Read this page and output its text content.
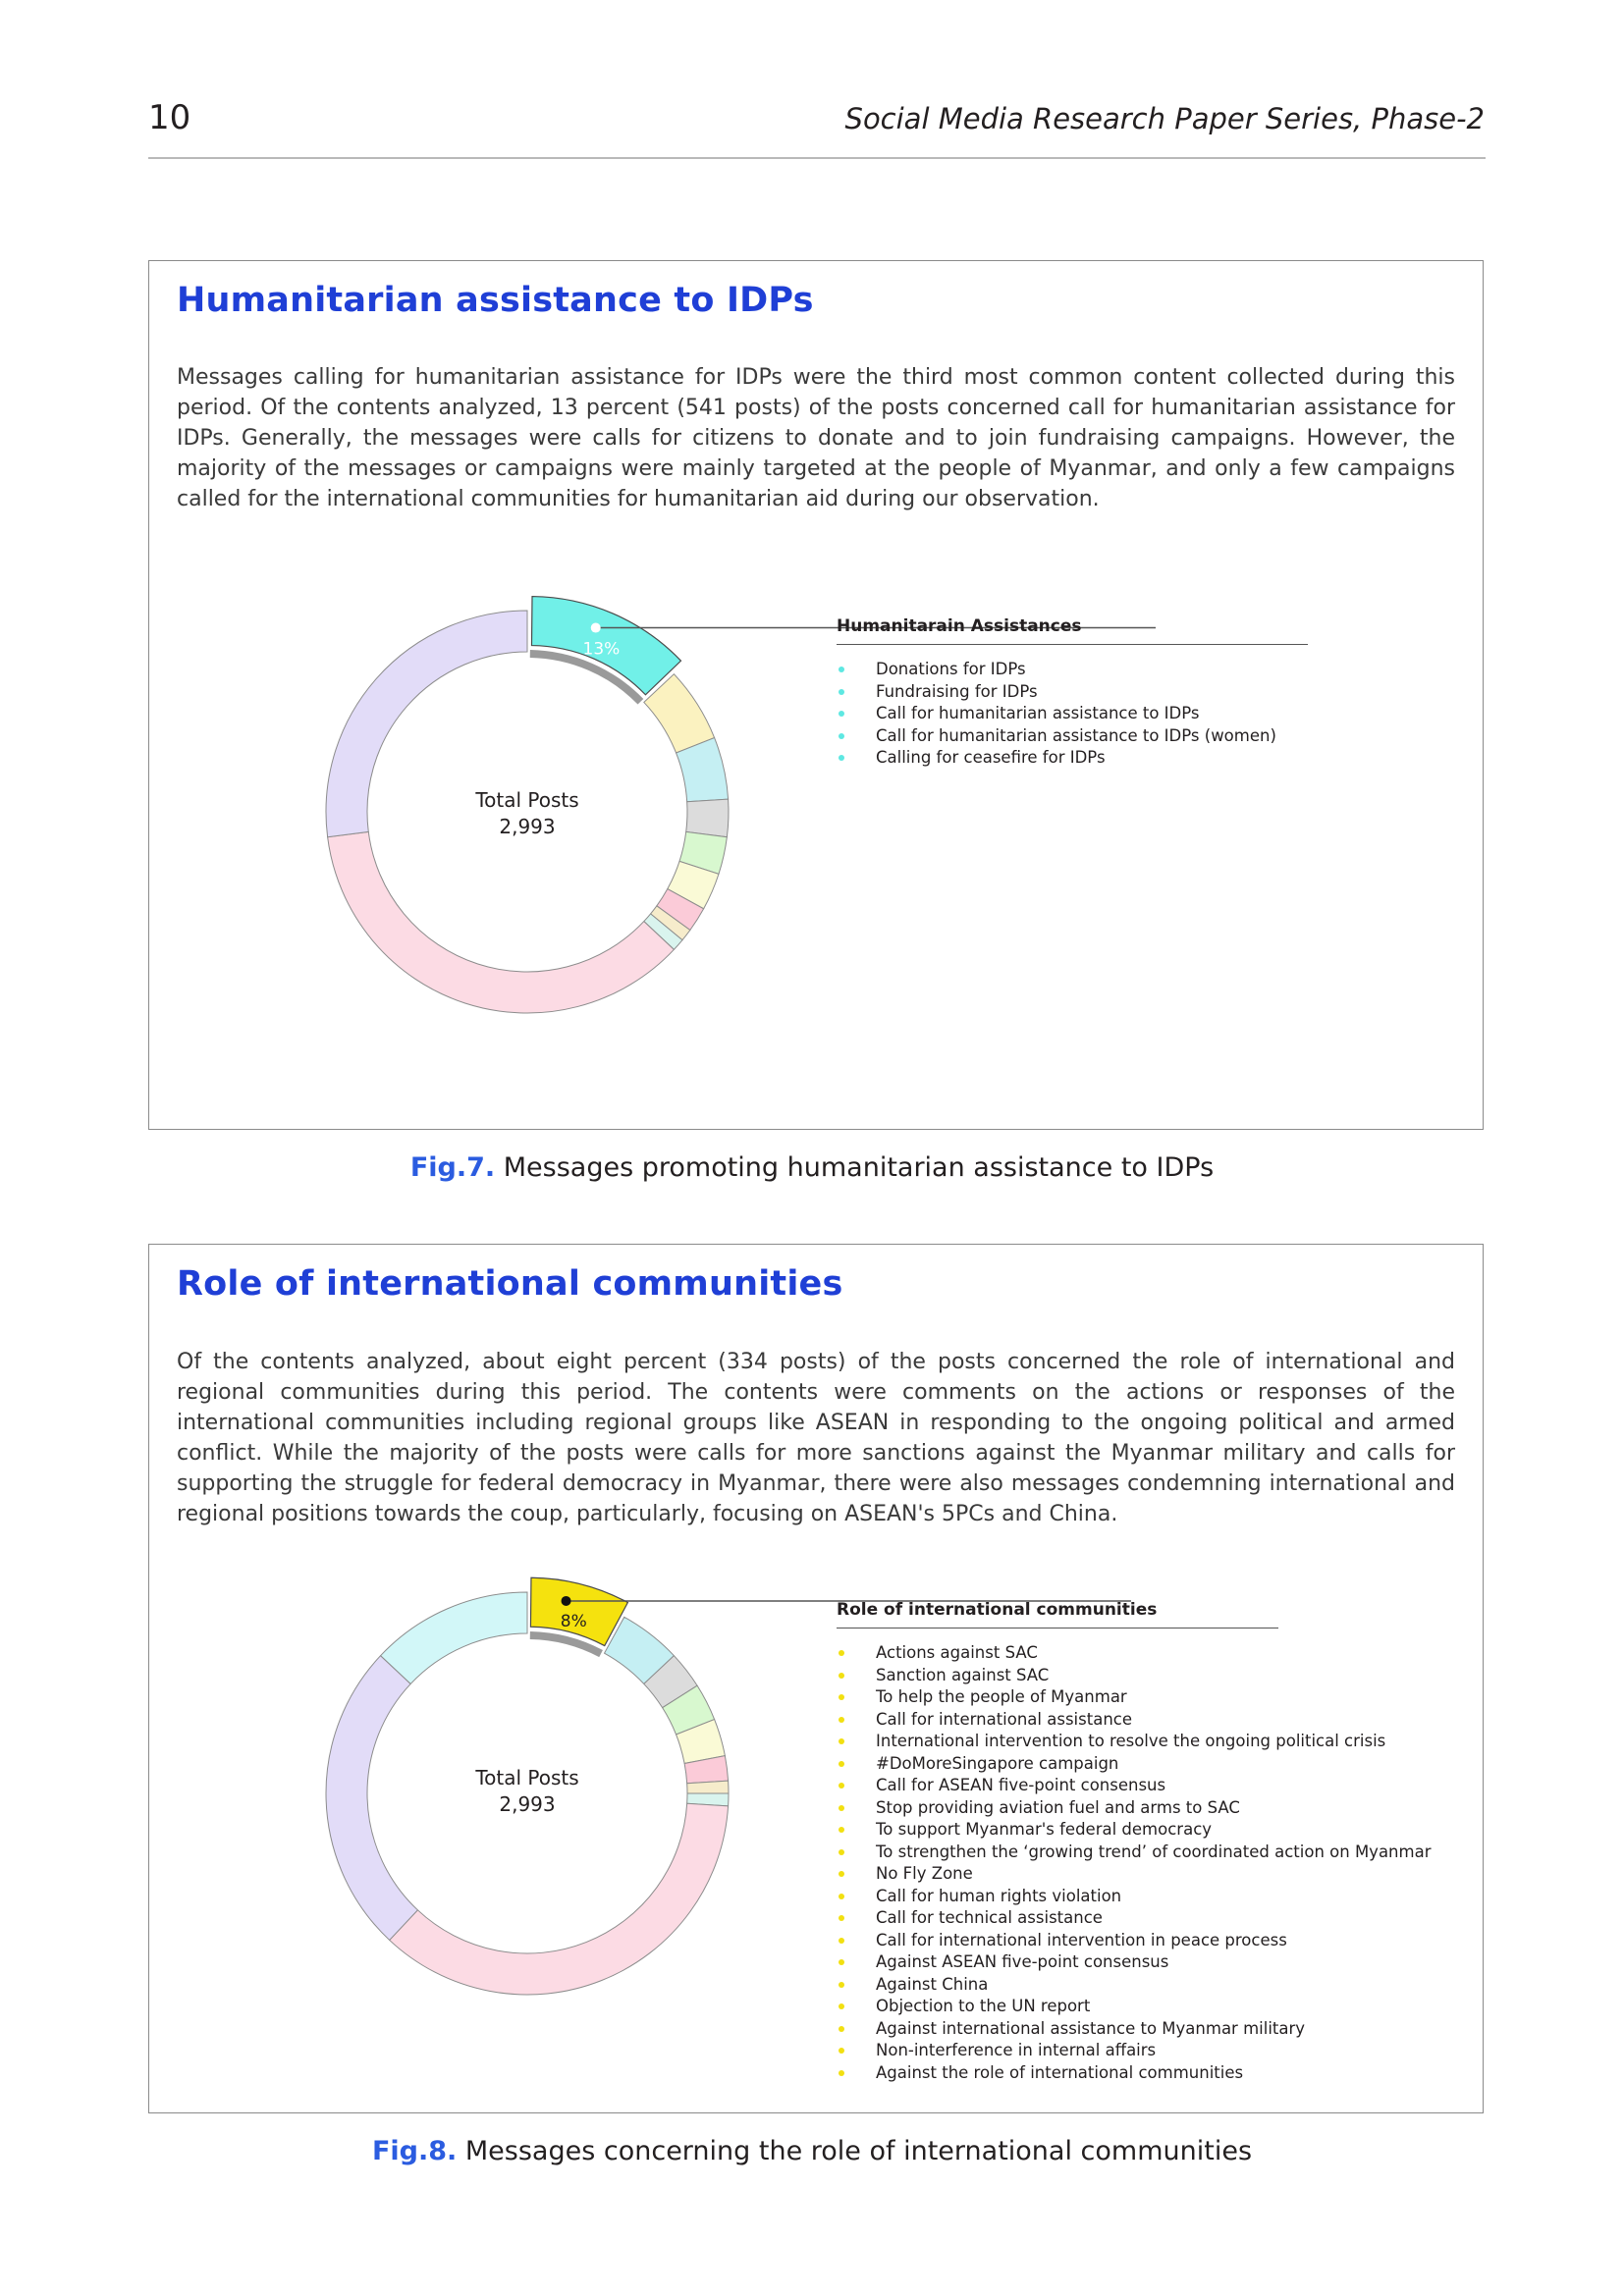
10	Social Media Research Paper Series, Phase-2
Humanitarian assistance to IDPs

Messages calling for humanitarian assistance for IDPs were the third most common content collected during this period. Of the contents analyzed, 13 percent (541 posts) of the posts concerned call for humanitarian assistance for IDPs. Generally, the messages were calls for citizens to donate and to join fundraising campaigns. However, the majority of the messages or campaigns were mainly targeted at the people of Myanmar, and only a few campaigns called for the international communities for humanitarian aid during our observation.

13%
Total Posts
2,993
Humanitarain Assistances
Donations for IDPs
Fundraising for IDPs
Call for humanitarian assistance to IDPs
Call for humanitarian assistance to IDPs (women)
Calling for ceasefire for IDPs
Fig.7. Messages promoting humanitarian assistance to IDPs
Role of international communities

Of the contents analyzed, about eight percent (334 posts) of the posts concerned the role of international and regional communities during this period. The contents were comments on the actions or responses of the international communities including regional groups like ASEAN in responding to the ongoing political and armed conflict. While the majority of the posts were calls for more sanctions against the Myanmar military and calls for supporting the struggle for federal democracy in Myanmar, there were also messages condemning international and regional positions towards the coup, particularly, focusing on ASEAN's 5PCs and China.

8%
Total Posts
2,993
Role of international communities
Actions against SAC
Sanction against SAC
To help the people of Myanmar
Call for international assistance
International intervention to resolve the ongoing political crisis
#DoMoreSingapore campaign
Call for ASEAN five-point consensus
Stop providing aviation fuel and arms to SAC
To support Myanmar's federal democracy
To strengthen the ‘growing trend’ of coordinated action on Myanmar
No Fly Zone
Call for human rights violation
Call for technical assistance
Call for international intervention in peace process
Against ASEAN five-point consensus
Against China
Objection to the UN report
Against international assistance to Myanmar military
Non-interference in internal affairs
Against the role of international communities
Fig.8. Messages concerning the role of international communities
